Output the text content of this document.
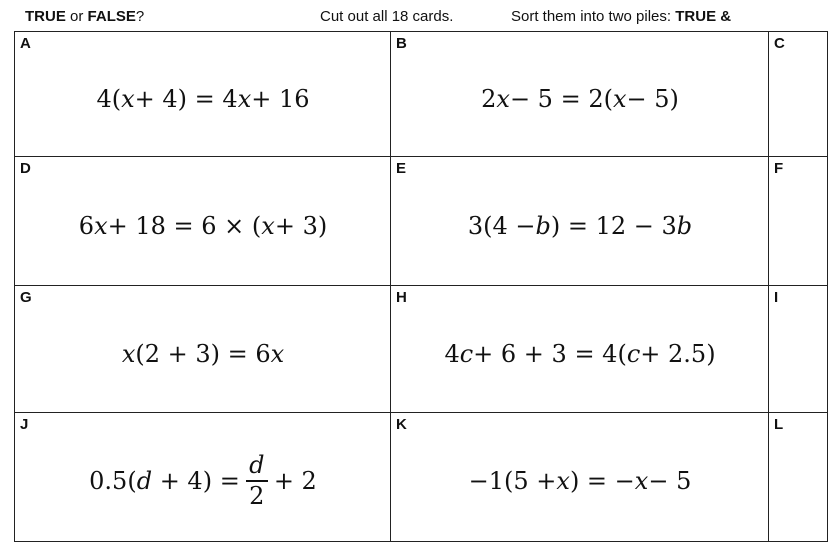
TRUE or FALSE?	Cut out all 18 cards.	Sort them into two piles: TRUE &
A
4( x + 4) = 4 x + 16
B
2 x − 5 = 2( x − 5)
C
D
6 x + 18 = 6 × ( x + 3)
E
3(4 − b ) = 12 − 3 b
F
G
x (2 + 3) = 6 x
H
4 c + 6 + 3 = 4( c + 2.5)
I
J
$0.5(d + 4) = \frac{d}{2} + 2$
K
−1(5 + x ) = − x − 5
L
